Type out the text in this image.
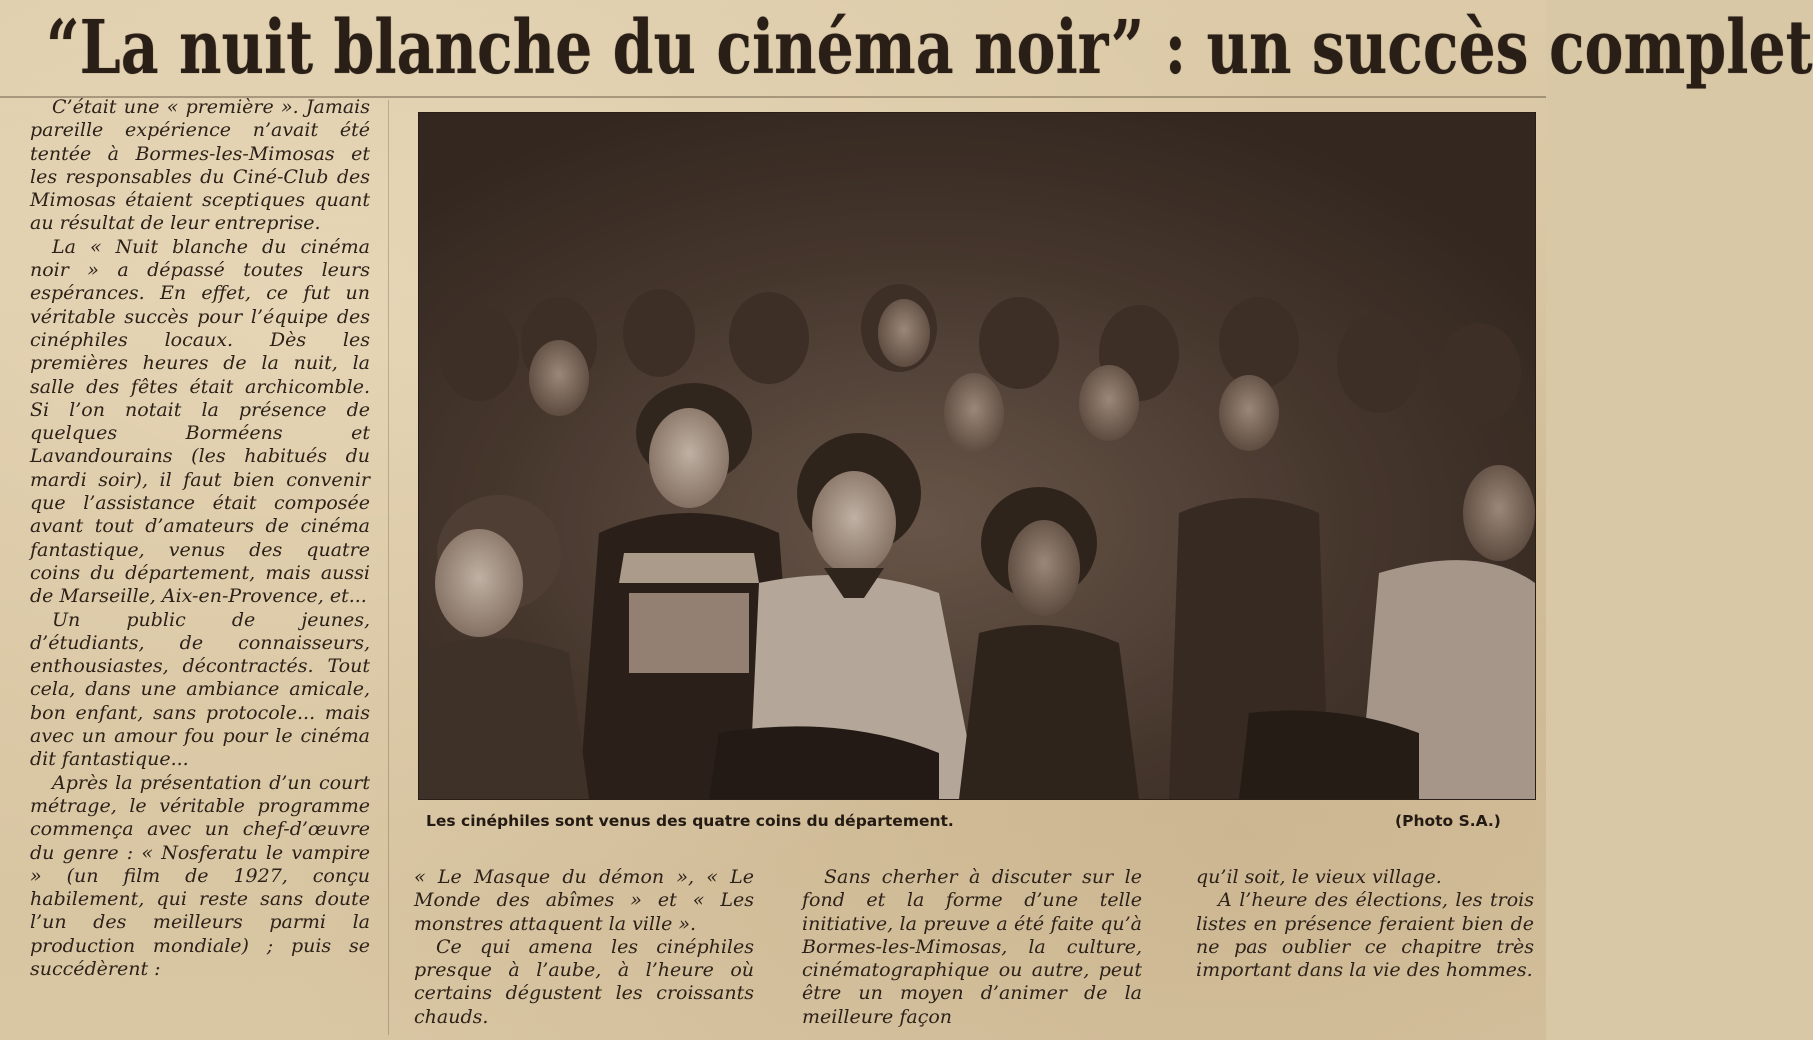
“La nuit blanche du cinéma noir” : un succès complet

C’était une « première ». Jamais pareille expérience n’avait été tentée à Bormes-les-Mimosas et les responsables du Ciné-Club des Mimosas étaient sceptiques quant au résultat de leur entreprise.

La « Nuit blanche du cinéma noir » a dépassé toutes leurs espérances. En effet, ce fut un véritable succès pour l’équipe des cinéphiles locaux. Dès les premières heures de la nuit, la salle des fêtes était archicomble. Si l’on notait la présence de quelques Borméens et Lavandourains (les habitués du mardi soir), il faut bien convenir que l’assistance était composée avant tout d’amateurs de cinéma fantastique, venus des quatre coins du département, mais aussi de Marseille, Aix-en-Provence, et...

Un public de jeunes, d’étudiants, de connaisseurs, enthousiastes, décontractés. Tout cela, dans une ambiance amicale, bon enfant, sans protocole... mais avec un amour fou pour le cinéma dit fantastique...

Après la présentation d’un court métrage, le véritable programme commença avec un chef-d’œuvre du genre : « Nosferatu le vampire » (un film de 1927, conçu habilement, qui reste sans doute l’un des meilleurs parmi la production mondiale) ; puis se succédèrent :

Les cinéphiles sont venus des quatre coins du département.	(Photo S.A.)

« Le Masque du démon », « Le Monde des abîmes » et « Les monstres attaquent la ville ».

Ce qui amena les cinéphiles presque à l’aube, à l’heure où certains dégustent les croissants chauds.

Sans cherher à discuter sur le fond et la forme d’une telle initiative, la preuve a été faite qu’à Bormes-les-Mimosas, la culture, cinématographique ou autre, peut être un moyen d’animer de la meilleure façon

qu’il soit, le vieux village.

A l’heure des élections, les trois listes en présence feraient bien de ne pas oublier ce chapitre très important dans la vie des hommes.
